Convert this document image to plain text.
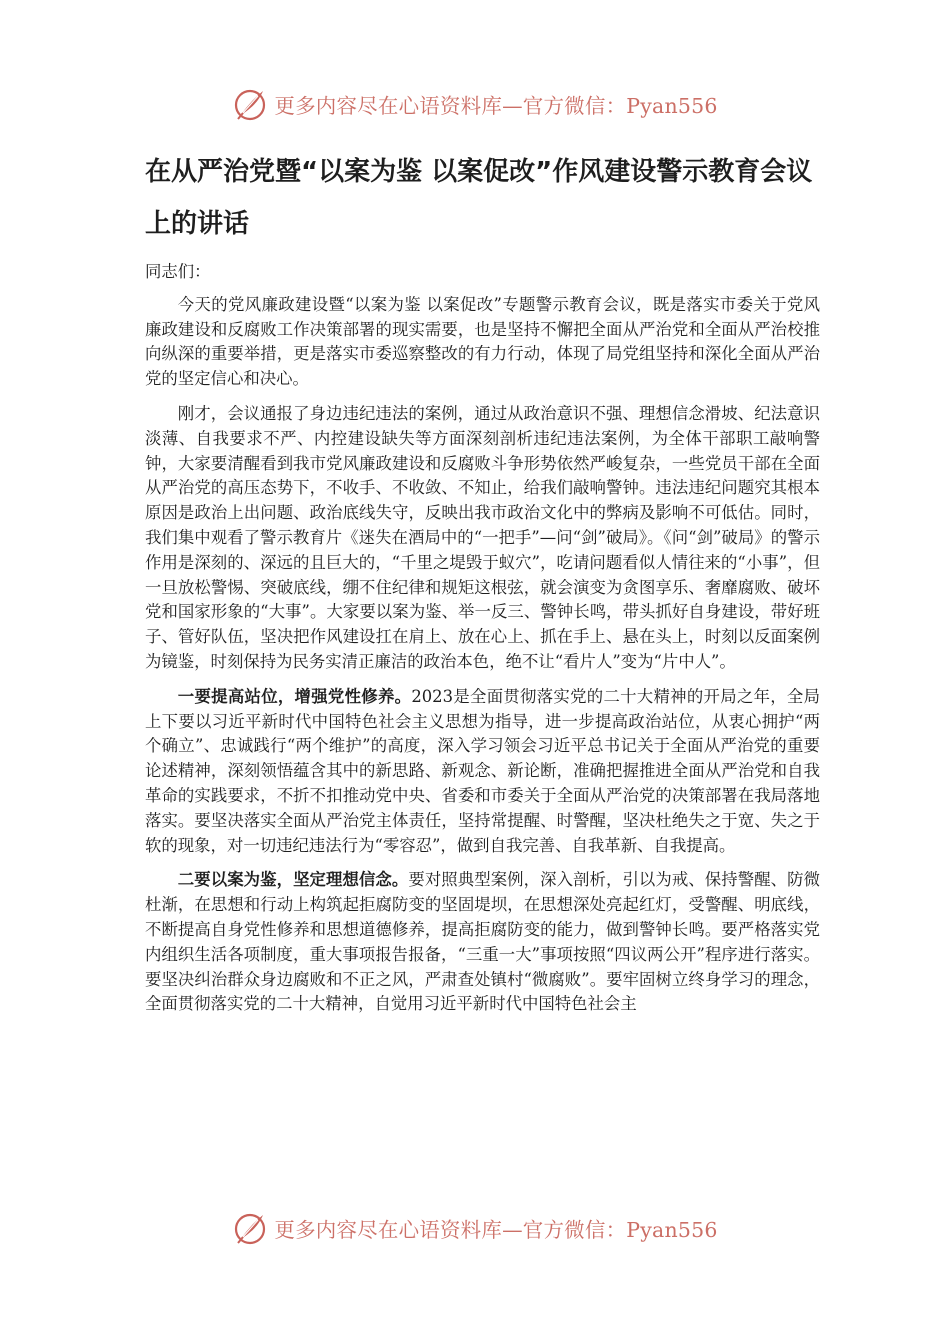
更多内容尽在心语资料库—官方微信：Pyan556
在从严治党暨“以案为鉴 以案促改”作风建设警示教育会议上的讲话

同志们：

今天的党风廉政建设暨“以案为鉴 以案促改”专题警示教育会议，既是落实市委关于党风廉政建设和反腐败工作决策部署的现实需要，也是坚持不懈把全面从严治党和全面从严治校推向纵深的重要举措，更是落实市委巡察整改的有力行动，体现了局党组坚持和深化全面从严治党的坚定信心和决心。

刚才，会议通报了身边违纪违法的案例，通过从政治意识不强、理想信念滑坡、纪法意识淡薄、自我要求不严、内控建设缺失等方面深刻剖析违纪违法案例，为全体干部职工敲响警钟，大家要清醒看到我市党风廉政建设和反腐败斗争形势依然严峻复杂，一些党员干部在全面从严治党的高压态势下，不收手、不收敛、不知止，给我们敲响警钟。违法违纪问题究其根本原因是政治上出问题、政治底线失守，反映出我市政治文化中的弊病及影响不可低估。同时，我们集中观看了警示教育片《迷失在酒局中的“一把手”—问“剑”破局》。《问“剑”破局》的警示作用是深刻的、深远的且巨大的，“千里之堤毁于蚁穴”，吃请问题看似人情往来的“小事”，但一旦放松警惕、突破底线，绷不住纪律和规矩这根弦，就会演变为贪图享乐、奢靡腐败、破坏党和国家形象的“大事”。大家要以案为鉴、举一反三、警钟长鸣，带头抓好自身建设，带好班子、管好队伍，坚决把作风建设扛在肩上、放在心上、抓在手上、悬在头上，时刻以反面案例为镜鉴，时刻保持为民务实清正廉洁的政治本色，绝不让“看片人”变为“片中人”。

一要提高站位，增强党性修养。2023是全面贯彻落实党的二十大精神的开局之年，全局上下要以习近平新时代中国特色社会主义思想为指导，进一步提高政治站位，从衷心拥护“两个确立”、忠诚践行“两个维护”的高度，深入学习领会习近平总书记关于全面从严治党的重要论述精神，深刻领悟蕴含其中的新思路、新观念、新论断，准确把握推进全面从严治党和自我革命的实践要求，不折不扣推动党中央、省委和市委关于全面从严治党的决策部署在我局落地落实。要坚决落实全面从严治党主体责任，坚持常提醒、时警醒，坚决杜绝失之于宽、失之于软的现象，对一切违纪违法行为“零容忍”，做到自我完善、自我革新、自我提高。

二要以案为鉴，坚定理想信念。要对照典型案例，深入剖析，引以为戒、保持警醒、防微杜渐，在思想和行动上构筑起拒腐防变的坚固堤坝，在思想深处亮起红灯，受警醒、明底线，不断提高自身党性修养和思想道德修养，提高拒腐防变的能力，做到警钟长鸣。要严格落实党内组织生活各项制度，重大事项报告报备，“三重一大”事项按照“四议两公开”程序进行落实。要坚决纠治群众身边腐败和不正之风，严肃查处镇村“微腐败”。要牢固树立终身学习的理念，全面贯彻落实党的二十大精神，自觉用习近平新时代中国特色社会主

更多内容尽在心语资料库—官方微信：Pyan556
